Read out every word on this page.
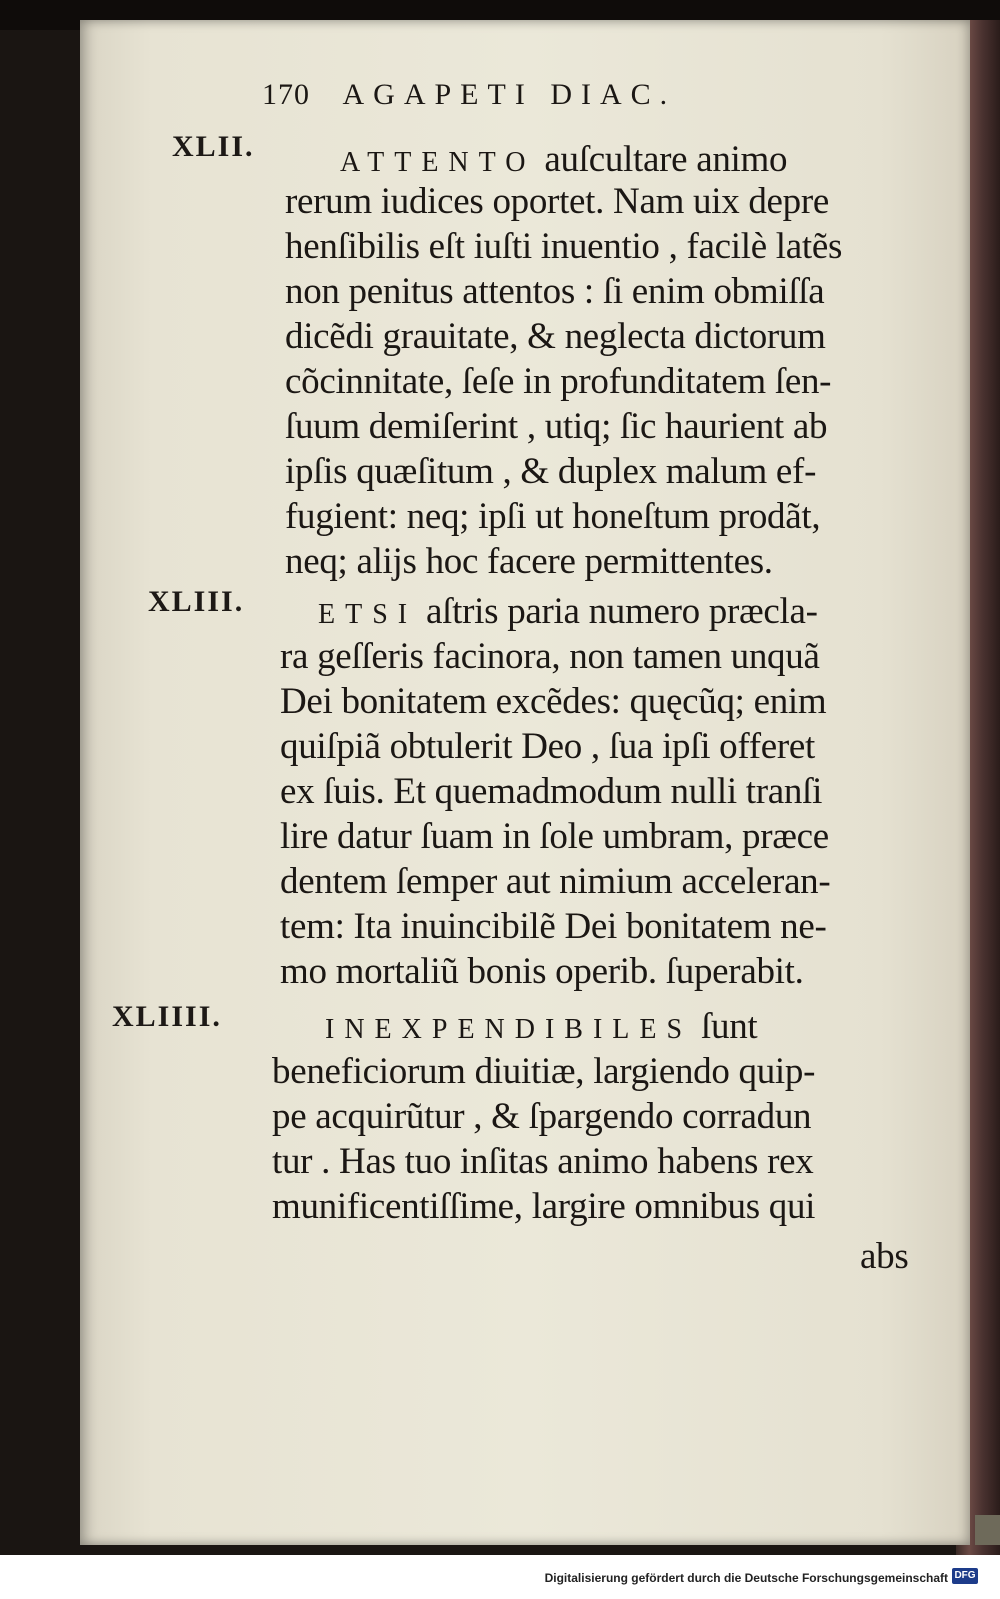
170 AGAPETI DIAC.
XLII.	ATTENTO auſcultare animo
rerum iudices oportet. Nam uix depre
henſibilis eſt iuſti inuentio , facilè latẽs
non penitus attentos : ſi enim obmiſſa
dicẽdi grauitate, & neglecta dictorum
cõcinnitate, ſeſe in profunditatem ſen-
ſuum demiſerint , utiq; ſic haurient ab
ipſis quæſitum , & duplex malum ef-
fugient: neq; ipſi ut honeſtum prodãt,
neq; alijs hoc facere permittentes.
XLIII.	ETSI aſtris paria numero præcla-
ra geſſeris facinora, non tamen unquã
Dei bonitatem excẽdes: quęcũq; enim
quiſpiã obtulerit Deo , ſua ipſi offeret
ex ſuis. Et quemadmodum nulli tranſi
lire datur ſuam in ſole umbram, præce
dentem ſemper aut nimium acceleran-
tem: Ita inuincibilẽ Dei bonitatem ne-
mo mortaliũ bonis operib. ſuperabit.
XLIIII.	INEXPENDIBILES ſunt
beneficiorum diuitiæ, largiendo quip-
pe acquirũtur , & ſpargendo corradun
tur . Has tuo inſitas animo habens rex
munificentiſſime, largire omnibus qui
abs
Digitalisierung gefördert durch die Deutsche Forschungsgemeinschaft DFG
